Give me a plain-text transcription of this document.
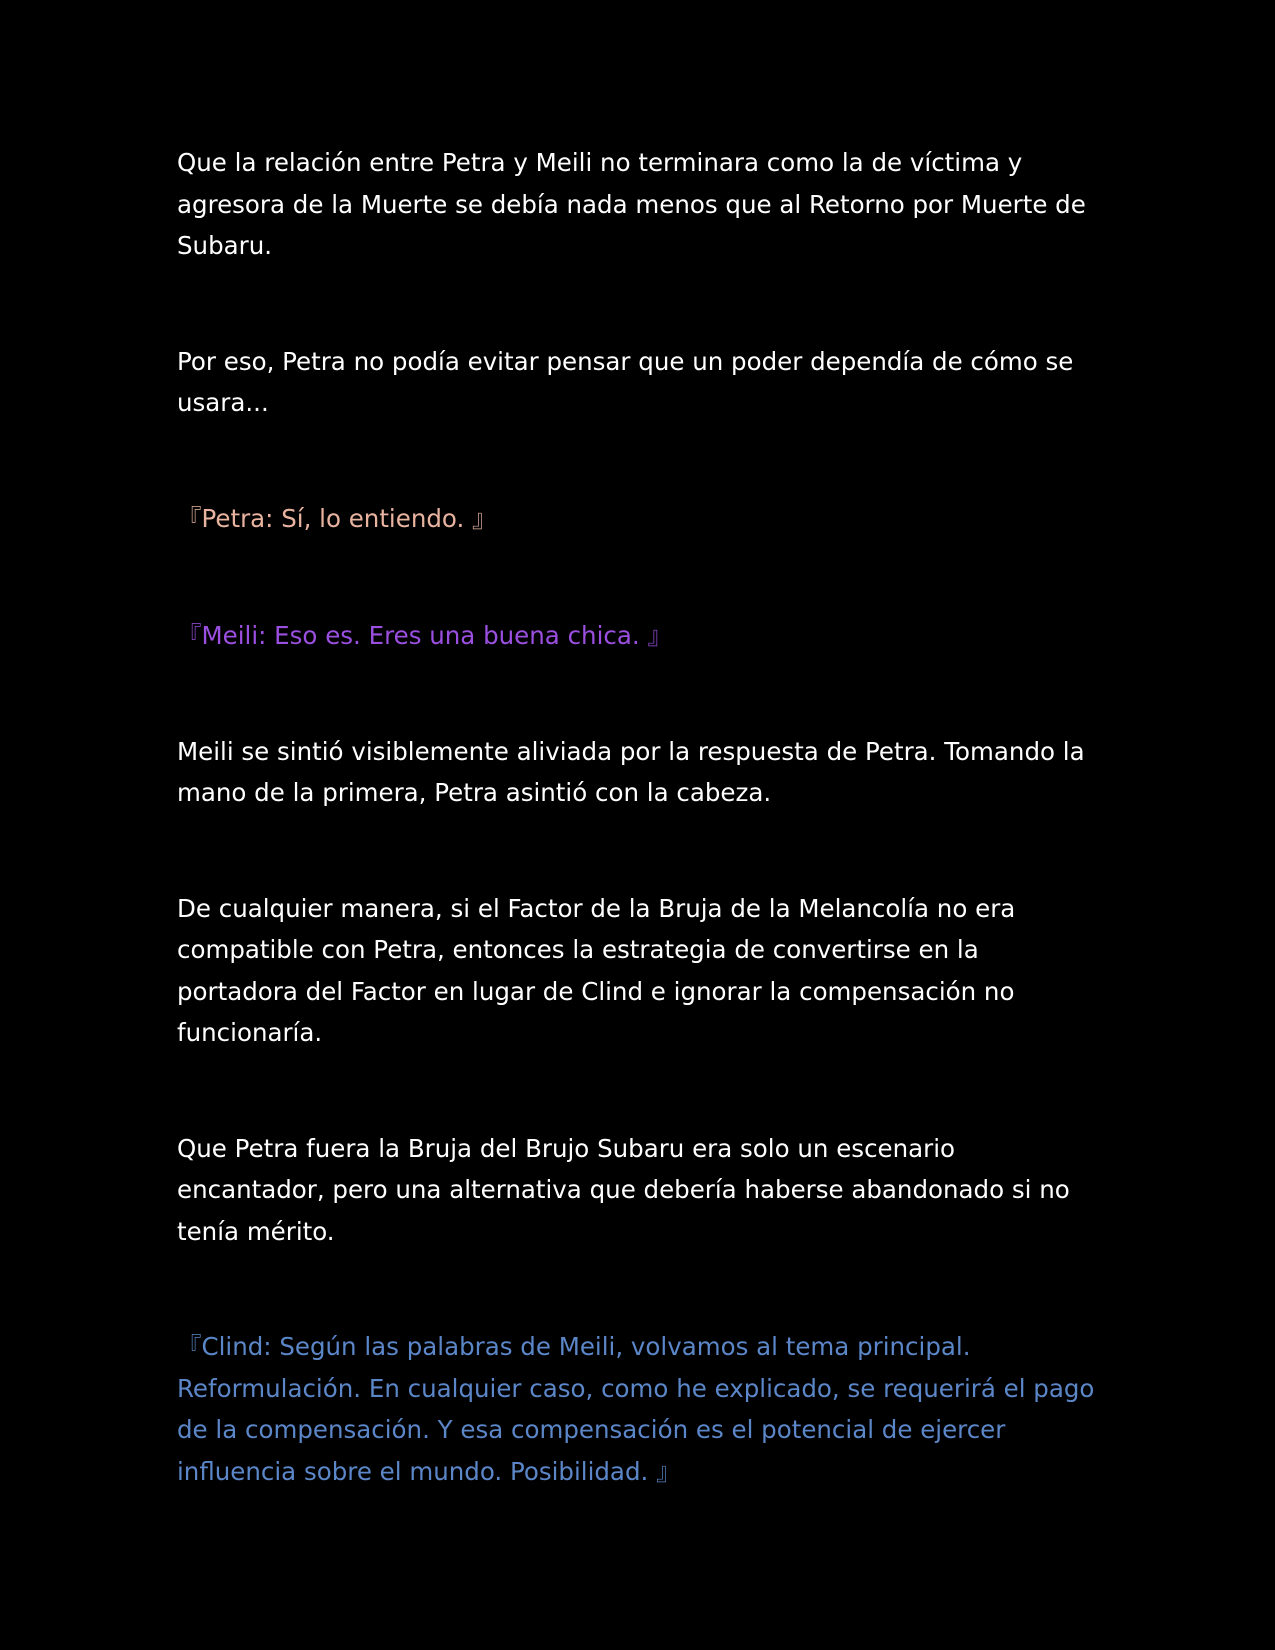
Que la relación entre Petra y Meili no terminara como la de víctima y agresora de la Muerte se debía nada menos que al Retorno por Muerte de Subaru.

Por eso, Petra no podía evitar pensar que un poder dependía de cómo se usara...

『Petra: Sí, lo entiendo. 』

『Meili: Eso es. Eres una buena chica. 』

Meili se sintió visiblemente aliviada por la respuesta de Petra. Tomando la mano de la primera, Petra asintió con la cabeza.

De cualquier manera, si el Factor de la Bruja de la Melancolía no era compatible con Petra, entonces la estrategia de convertirse en la portadora del Factor en lugar de Clind e ignorar la compensación no funcionaría.

Que Petra fuera la Bruja del Brujo Subaru era solo un escenario encantador, pero una alternativa que debería haberse abandonado si no tenía mérito.

『Clind: Según las palabras de Meili, volvamos al tema principal. Reformulación. En cualquier caso, como he explicado, se requerirá el pago de la compensación. Y esa compensación es el potencial de ejercer influencia sobre el mundo. Posibilidad. 』
